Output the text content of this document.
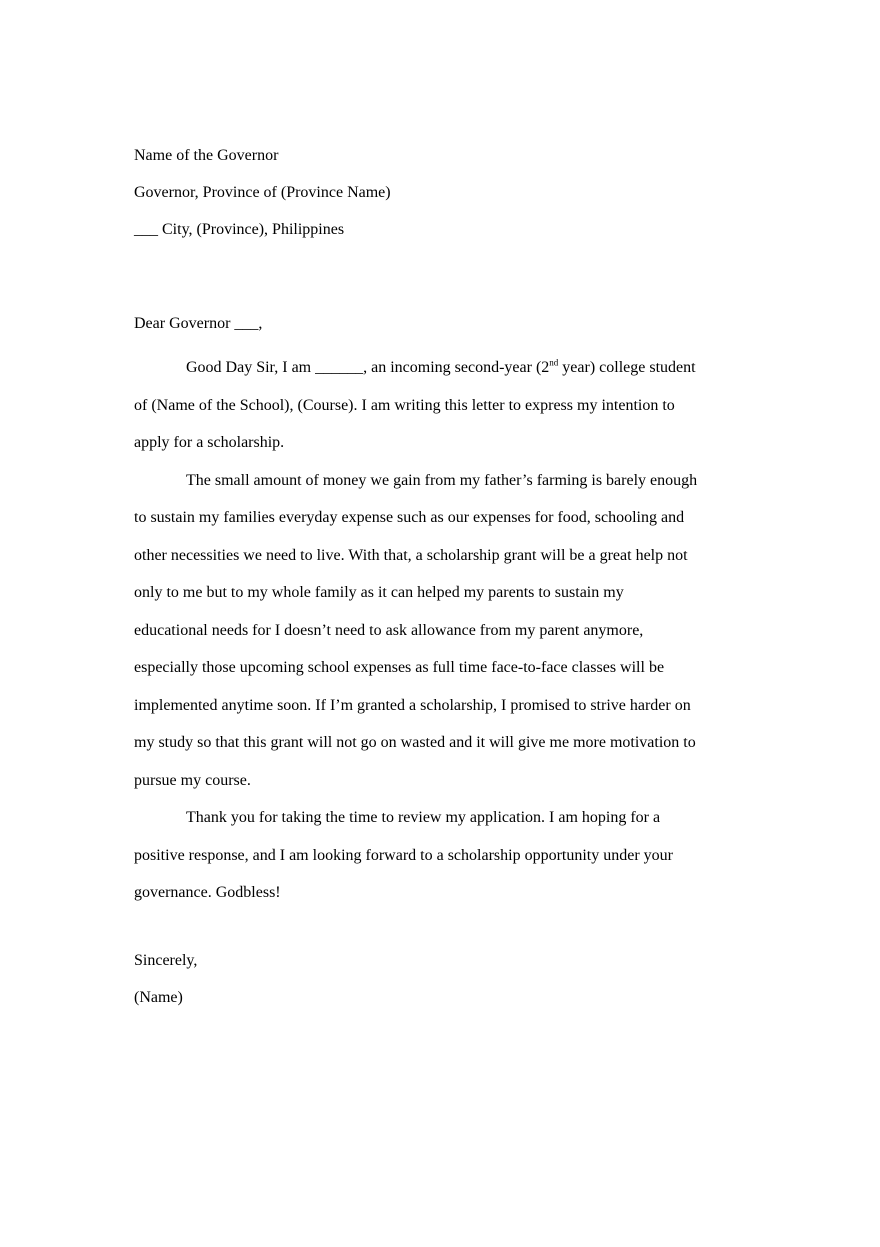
Name of the Governor
Governor, Province of (Province Name)
___ City, (Province), Philippines
Dear Governor ___,

Good Day Sir, I am ______, an incoming second-year (2nd year) college student of (Name of the School), (Course). I am writing this letter to express my intention to apply for a scholarship.

The small amount of money we gain from my father’s farming is barely enough to sustain my families everyday expense such as our expenses for food, schooling and other necessities we need to live. With that, a scholarship grant will be a great help not only to me but to my whole family as it can helped my parents to sustain my educational needs for I doesn’t need to ask allowance from my parent anymore, especially those upcoming school expenses as full time face-to-face classes will be implemented anytime soon. If I’m granted a scholarship, I promised to strive harder on my study so that this grant will not go on wasted and it will give me more motivation to pursue my course.

Thank you for taking the time to review my application. I am hoping for a positive response, and I am looking forward to a scholarship opportunity under your governance. Godbless!

Sincerely,
(Name)
